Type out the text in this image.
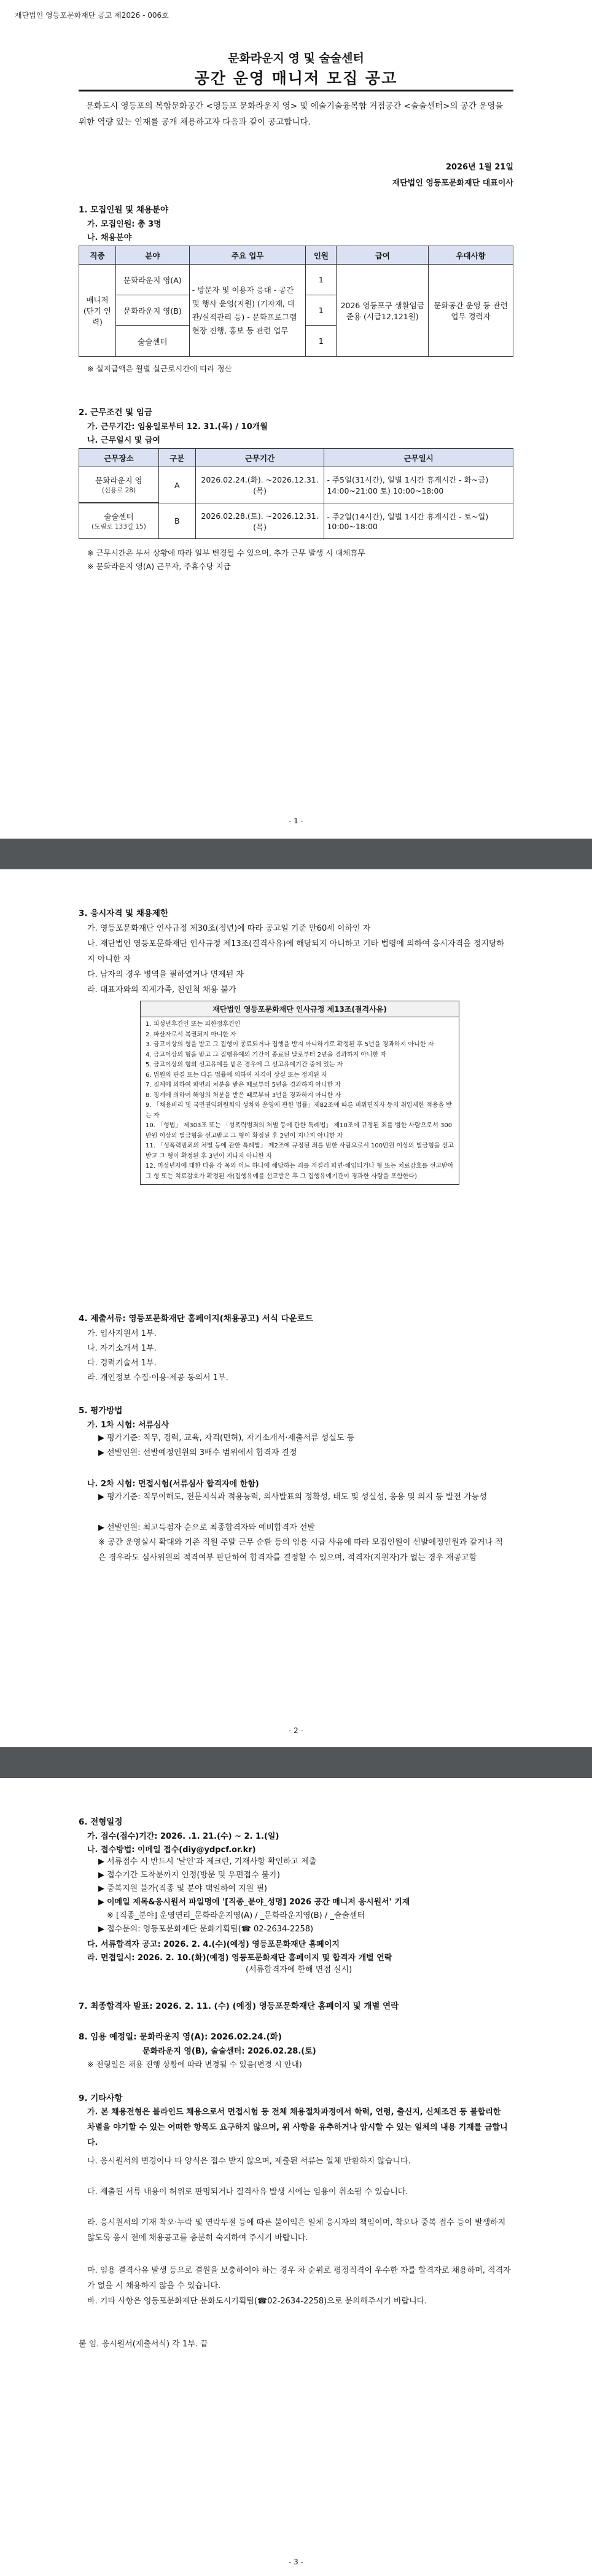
재단법인 영등포문화재단 공고 제2026 - 006호
문화라운지 영 및 술술센터
공간 운영 매니저 모집 공고
문화도시 영등포의 복합문화공간 <영등포 문화라운지 영> 및 예술기술융복합 거점공간 <술술센터>의 공간 운영을 위한 역량 있는 인재를 공개 채용하고자 다음과 같이 공고합니다.
2026년 1월 21일
재단법인 영등포문화재단 대표이사
1. 모집인원 및 채용분야
가. 모집인원: 총 3명
나. 채용분야
직종	분야	주요 업무	인원	급여	우대사항
매니저 (단기 인력)	문화라운지 영(A)	- 방문자 및 이용자 응대 - 공간 및 행사 운영(지원) (기자재, 대관/실적관리 등) - 문화프로그램 현장 진행, 홍보 등 관련 업무	1	2026 영등포구 생활임금 준용 (시급12,121원)	문화공간 운영 등 관련 업무 경력자
	문화라운지 영(B)		1		
	술술센터		1		
※ 실지급액은 월별 실근로시간에 따라 정산
2. 근무조건 및 임금
가. 근무기간: 임용일로부터 12. 31.(목) / 10개월
나. 근무일시 및 급여
근무장소	구분	근무기간	근무일시

문화라운지 영
(신용로 28)	A	2026.02.24.(화). ~2026.12.31.(목)	- 주5일(31시간), 일별 1시간 휴게시간 - 화~금) 14:00~21:00 토) 10:00~18:00

술술센터
(도림로 133길 15)	B	2026.02.28.(토). ~2026.12.31.(목)	- 주2일(14시간), 일별 1시간 휴게시간 - 토~일) 10:00~18:00
※ 근무시간은 부서 상황에 따라 일부 변경될 수 있으며, 추가 근무 발생 시 대체휴무
※ 문화라운지 영(A) 근무자, 주휴수당 지급
- 1 -
3. 응시자격 및 채용제한
가. 영등포문화재단 인사규정 제30조(정년)에 따라 공고일 기준 만60세 이하인 자
나. 재단법인 영등포문화재단 인사규정 제13조(결격사유)에 해당되지 아니하고 기타 법령에 의하여 응시자격을 정지당하지 아니한 자
다. 남자의 경우 병역을 필하였거나 면제된 자
라. 대표자와의 직계가족, 친인척 채용 불가
재단법인 영등포문화재단 인사규정 제13조(결격사유)
1. 피성년후견인 또는 피한정후견인
2. 파산자로서 복권되지 아니한 자
3. 금고이상의 형을 받고 그 집행이 종료되거나 집행을 받지 아니하기로 확정된 후 5년을 경과하지 아니한 자
4. 금고이상의 형을 받고 그 집행유예의 기간이 종료된 날로부터 2년을 경과하지 아니한 자
5. 금고이상의 형의 선고유예를 받은 경우에 그 선고유예기간 중에 있는 자
6. 법원의 판결 또는 다른 법률에 의하여 자격이 상실 또는 정지된 자
7. 징계에 의하여 파면의 처분을 받은 때로부터 5년을 경과하지 아니한 자
8. 징계에 의하여 해임의 처분을 받은 때로부터 3년을 경과하지 아니한 자
9. 「채용비리 및 국민권익위원회의 성차와 운영에 관한 법률」제82조에 따른 비위면직자 등의 취업제한 적용을 받는 자
10. 「형법」 제303조 또는 「성폭력범죄의 처벌 등에 관한 특례법」 제10조에 규정된 죄를 범한 사람으로서 300만원 이상의 벌금형을 선고받고 그 형이 확정된 후 2년이 지나지 아니한 자
11. 「성폭력범죄의 처벌 등에 관한 특례법」 제2조에 규정된 죄를 범한 사람으로서 100만원 이상의 벌금형을 선고받고 그 형이 확정된 후 3년이 지나지 아니한 자
12. 미성년자에 대한 다음 각 목의 어느 하나에 해당하는 죄를 저질러 파면·해임되거나 형 또는 치료감호를 선고받아 그 형 또는 치료감호가 확정된 자(집행유예를 선고받은 후 그 집행유예기간이 경과한 사람을 포함한다)
4. 제출서류: 영등포문화재단 홈페이지(채용공고) 서식 다운로드
가. 입사지원서 1부.
나. 자기소개서 1부.
다. 경력기술서 1부.
라. 개인정보 수집·이용·제공 동의서 1부.
5. 평가방법
가. 1차 시험: 서류심사
▶ 평가기준: 직무, 경력, 교육, 자격(면허), 자기소개서·제출서류 성실도 등
▶ 선발인원: 선발예정인원의 3배수 범위에서 합격자 결정
나. 2차 시험: 면접시험(서류심사 합격자에 한함)
▶ 평가기준: 직무이해도, 전문지식과 적용능력, 의사발표의 정확성, 태도 및 성실성, 응용 및 의지 등 발전 가능성
▶ 선발인원: 최고득점자 순으로 최종합격자와 예비합격자 선발
※ 공간 운영실시 확대와 기존 직원 주말 근무 순환 등의 임용 시급 사유에 따라 모집인원이 선발예정인원과 같거나 적은 경우라도 심사위원의 적격여부 판단하여 합격자를 결정할 수 있으며, 적격자(지원자)가 없는 경우 재공고함
- 2 -
6. 전형일정
가. 접수(접수)기간: 2026. .1. 21.(수) ~ 2. 1.(일)
나. 접수방법: 이메일 접수(diy@ydpcf.or.kr)
▶ 서류접수 시 반드시 '날인'과 제크란, 기재사항 확인하고 제출
▶ 접수기간 도착분까지 인정(방문 및 우편접수 불가)
▶ 중복지원 불가(직종 및 분야 택일하여 지원 필)
▶ 이메일 제목&응시원서 파일명에 '[직종_분야_성명] 2026 공간 매니저 응시원서' 기재
※ [직종_분야] 운영연리_문화라운지영(A) / _문화라운지영(B) / _술술센터
▶ 접수문의: 영등포문화재단 문화기획팀(☎ 02-2634-2258)
다. 서류합격자 공고: 2026. 2. 4.(수)(예정) 영등포문화재단 홈페이지
라. 면접일시: 2026. 2. 10.(화)(예정) 영등포문화재단 홈페이지 및 합격자 개별 연락
(서류합격자에 한해 면접 실시)
7. 최종합격자 발표: 2026. 2. 11. (수) (예정) 영등포문화재단 홈페이지 및 개별 연락
8. 임용 예정일: 문화라운지 영(A): 2026.02.24.(화)
문화라운지 영(B), 술술센터: 2026.02.28.(토)
※ 전형일은 채용 진행 상황에 따라 변경될 수 있음(변경 시 안내)
9. 기타사항
가. 본 채용전형은 블라인드 채용으로서 면접시험 등 전체 채용절차과정에서 학력, 연령, 출신지, 신체조건 등 불합리한 차별을 야기할 수 있는 어떠한 항목도 요구하지 않으며, 위 사항을 유추하거나 암시할 수 있는 일체의 내용 기재를 금합니다.
나. 응시원서의 변경이나 타 양식은 접수 받지 않으며, 제출된 서류는 일체 반환하지 않습니다.
다. 제출된 서류 내용이 허위로 판명되거나 결격사유 발생 시에는 임용이 취소될 수 있습니다.
라. 응시원서의 기재 착오·누락 및 연락두절 등에 따른 불이익은 일체 응시자의 책임이며, 착오나 중복 접수 등이 발생하지 않도록 응시 전에 채용공고를 충분히 숙지하여 주시기 바랍니다.
마. 임용 결격사유 발생 등으로 결원을 보충하여야 하는 경우 차 순위로 평정적격이 우수한 자를 합격자로 채용하며, 적격자가 없을 시 채용하지 않을 수 있습니다.
바. 기타 사항은 영등포문화재단 문화도시기획팀(☎02-2634-2258)으로 문의해주시기 바랍니다.
붙 임. 응시원서(제출서식) 각 1부. 끝
- 3 -
